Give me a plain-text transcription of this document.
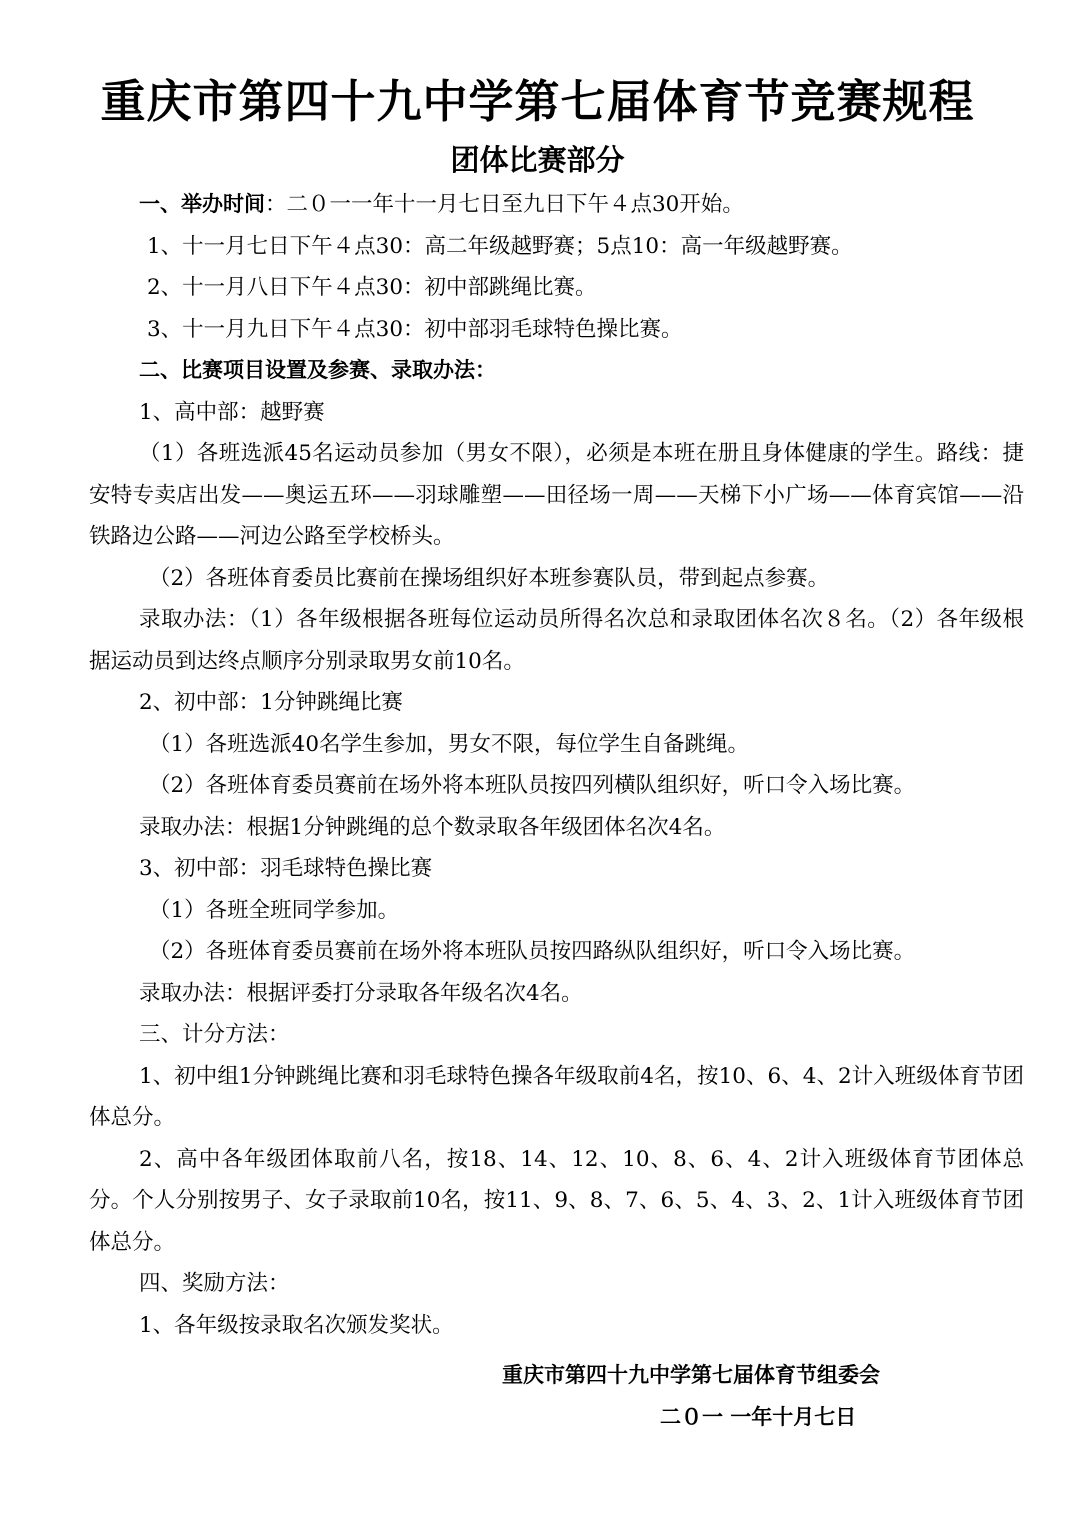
重庆市第四十九中学第七届体育节竞赛规程
团体比赛部分

一、举办时间：二０一一年十一月七日至九日下午４点30开始。

1、十一月七日下午４点30：高二年级越野赛；5点10：高一年级越野赛。

2、十一月八日下午４点30：初中部跳绳比赛。

3、十一月九日下午４点30：初中部羽毛球特色操比赛。

二、比赛项目设置及参赛、录取办法：

1、高中部：越野赛

（1）各班选派45名运动员参加（男女不限），必须是本班在册且身体健康的学生。路线：捷安特专卖店出发——奥运五环——羽球雕塑——田径场一周——天梯下小广场——体育宾馆——沿铁路边公路——河边公路至学校桥头。

（2）各班体育委员比赛前在操场组织好本班参赛队员，带到起点参赛。

录取办法：（1）各年级根据各班每位运动员所得名次总和录取团体名次８名。（2）各年级根据运动员到达终点顺序分别录取男女前10名。

2、初中部：1分钟跳绳比赛

（1）各班选派40名学生参加，男女不限，每位学生自备跳绳。

（2）各班体育委员赛前在场外将本班队员按四列横队组织好，听口令入场比赛。

录取办法：根据1分钟跳绳的总个数录取各年级团体名次4名。

3、初中部：羽毛球特色操比赛

（1）各班全班同学参加。

（2）各班体育委员赛前在场外将本班队员按四路纵队组织好，听口令入场比赛。

录取办法：根据评委打分录取各年级名次4名。

三、计分方法：

1、初中组1分钟跳绳比赛和羽毛球特色操各年级取前4名，按10、6、4、2计入班级体育节团体总分。

2、高中各年级团体取前八名，按18、14、12、10、8、6、4、2计入班级体育节团体总分。个人分别按男子、女子录取前10名，按11、9、8、7、6、5、4、3、2、1计入班级体育节团体总分。

四、奖励方法：

1、各年级按录取名次颁发奖状。

重庆市第四十九中学第七届体育节组委会
二０一 一年十月七日
